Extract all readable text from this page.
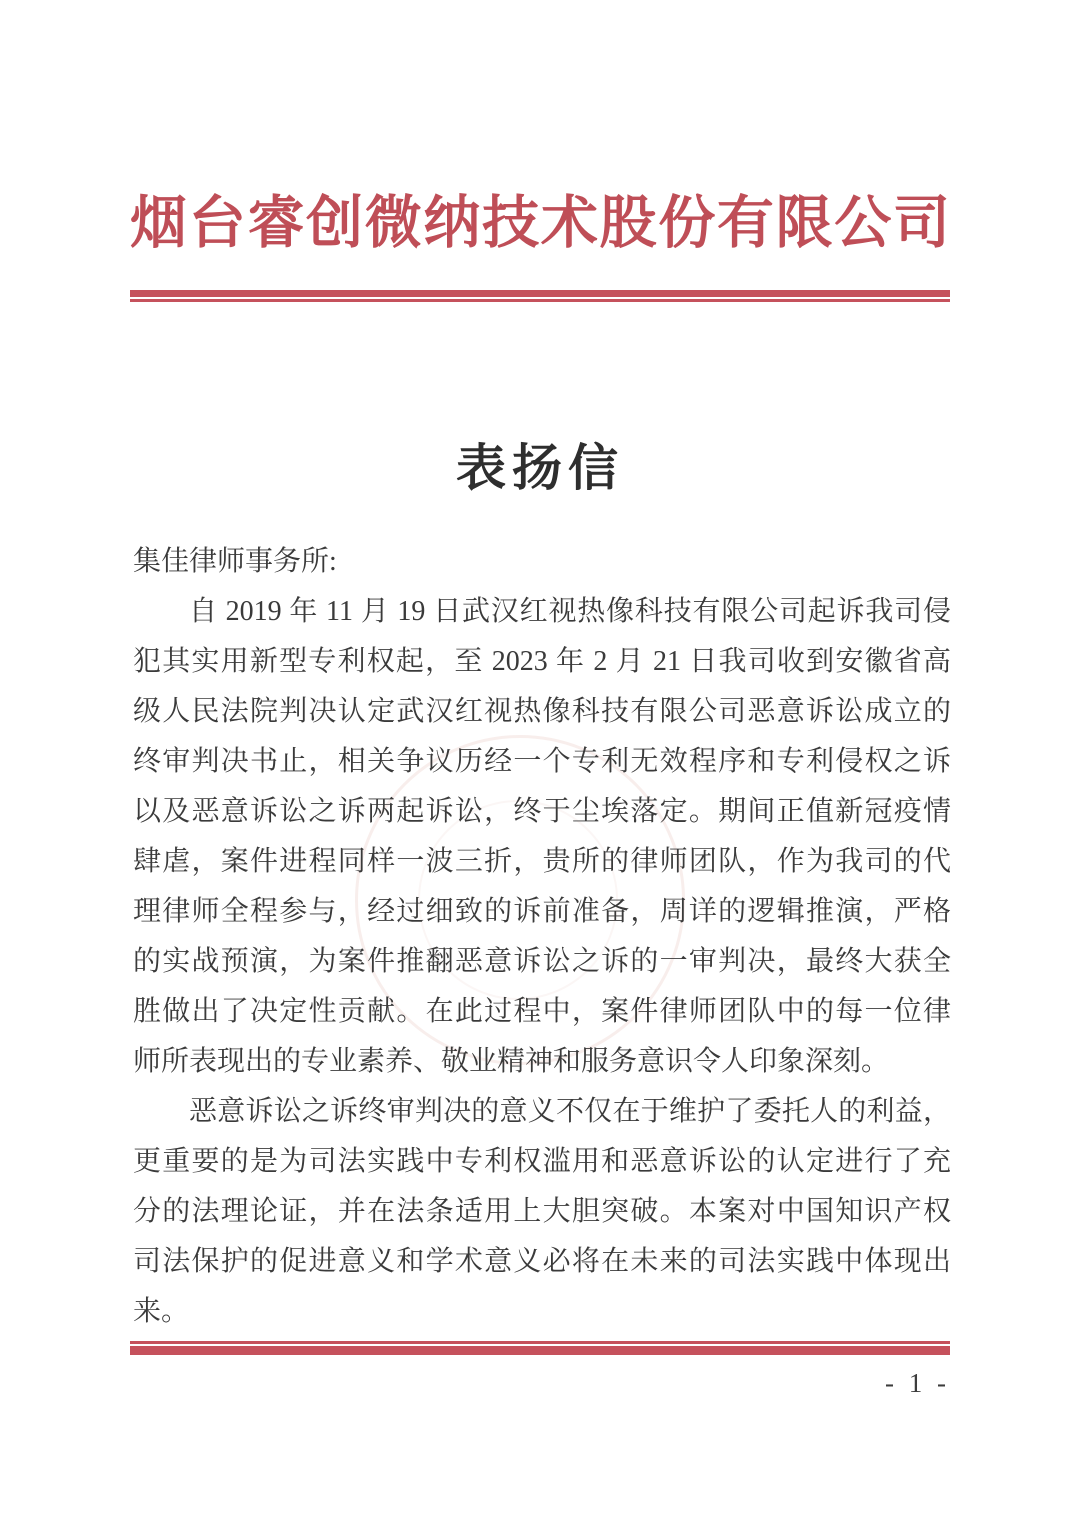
烟台睿创微纳技术股份有限公司
表扬信
集佳律师事务所:
自 2019 年 11 月 19 日武汉红视热像科技有限公司起诉我司侵
犯其实用新型专利权起，至 2023 年 2 月 21 日我司收到安徽省高
级人民法院判决认定武汉红视热像科技有限公司恶意诉讼成立的
终审判决书止，相关争议历经一个专利无效程序和专利侵权之诉
以及恶意诉讼之诉两起诉讼，终于尘埃落定。期间正值新冠疫情
肆虐，案件进程同样一波三折，贵所的律师团队，作为我司的代
理律师全程参与，经过细致的诉前准备，周详的逻辑推演，严格
的实战预演，为案件推翻恶意诉讼之诉的一审判决，最终大获全
胜做出了决定性贡献。在此过程中，案件律师团队中的每一位律
师所表现出的专业素养、敬业精神和服务意识令人印象深刻。
恶意诉讼之诉终审判决的意义不仅在于维护了委托人的利益，
更重要的是为司法实践中专利权滥用和恶意诉讼的认定进行了充
分的法理论证，并在法条适用上大胆突破。本案对中国知识产权
司法保护的促进意义和学术意义必将在未来的司法实践中体现出
来。
- 1 -
